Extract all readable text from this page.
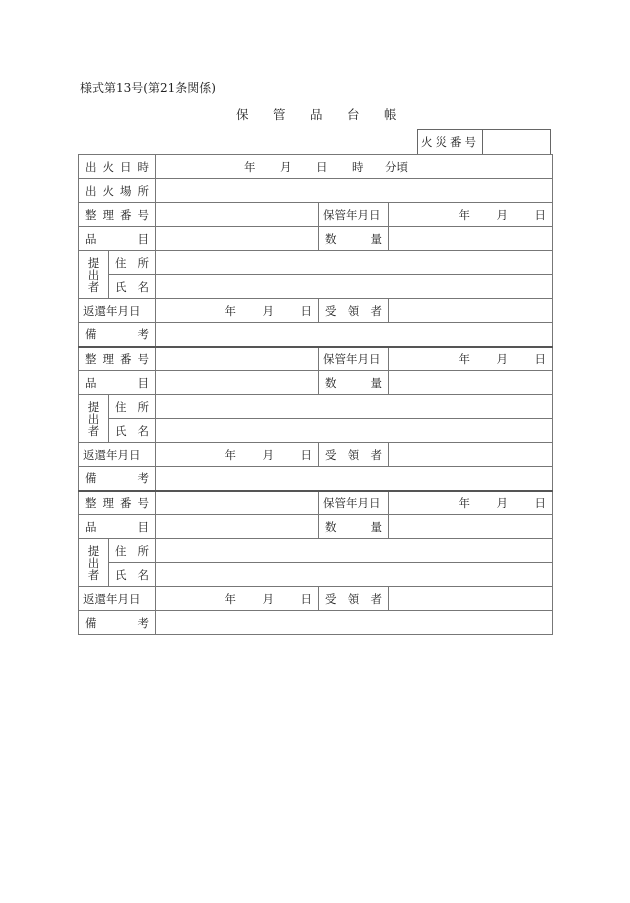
様式第13号(第21条関係)
保 管 品 台 帳
火災番号
出 火 日 時		年 月 日 時 分頃		

出 火 場 所				

整 理 番 号			保管年月日	年 月 日

品 目			数 量	

提出者	住 所			

	氏 名			

返還年月日		年 月 日	受 領 者	

備 考				

整 理 番 号			保管年月日	年 月 日

品 目			数 量	

提出者	住 所			

	氏 名			

返還年月日		年 月 日	受 領 者	

備 考				

整 理 番 号			保管年月日	年 月 日

品 目			数 量	

提出者	住 所			

	氏 名			

返還年月日		年 月 日	受 領 者	

備 考				
